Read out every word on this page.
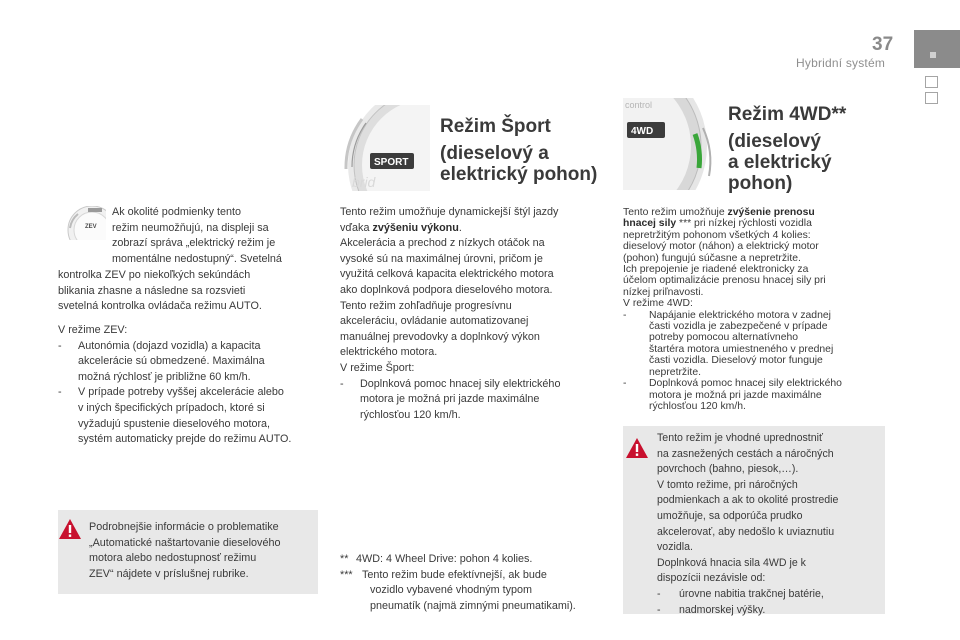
37
Hybridní systém
ZEV
brid
SPORT
control
4WD
Ak okolité podmienky tento
režim neumožňujú, na displeji sa
zobrazí správa „elektrický režim je
momentálne nedostupný“. Svetelná
kontrolka ZEV po niekoľkých sekúndách
blikania zhasne a následne sa rozsvieti
svetelná kontrolka ovládača režimu AUTO.
V režime ZEV:
-	Autonómia (dojazd vozidla) a kapacita
akcelerácie sú obmedzené. Maximálna
možná rýchlosť je približne 60 km/h.
-	V prípade potreby vyššej akcelerácie alebo
v iných špecifických prípadoch, ktoré si
vyžadujú spustenie dieselového motora,
systém automaticky prejde do režimu AUTO.
Podrobnejšie informácie o problematike
„Automatické naštartovanie dieselového
motora alebo nedostupnosť režimu
ZEV“ nájdete v príslušnej rubrike.
Režim Šport
(dieselový a
elektrický pohon)
Tento režim umožňuje dynamickejší štýl jazdy
vďaka zvýšeniu výkonu.
Akcelerácia a prechod z nízkych otáčok na
vysoké sú na maximálnej úrovni, pričom je
využitá celková kapacita elektrického motora
ako doplnková podpora dieselového motora.
Tento režim zohľadňuje progresívnu
akceleráciu, ovládanie automatizovanej
manuálnej prevodovky a doplnkový výkon
elektrického motora.
V režime Šport:
-	Doplnková pomoc hnacej sily elektrického
motora je možná pri jazde maximálne
rýchlosťou 120 km/h.
** 4WD: 4 Wheel Drive: pohon 4 kolies.
*** Tento režim bude efektívnejší, ak bude
vozidlo vybavené vhodným typom
pneumatík (najmä zimnými pneumatikami).
Režim 4WD**
(dieselový
a elektrický
pohon)
Tento režim umožňuje zvýšenie prenosu
hnacej sily *** pri nízkej rýchlosti vozidla
nepretržitým pohonom všetkých 4 kolies:
dieselový motor (náhon) a elektrický motor
(pohon) fungujú súčasne a nepretržite.
Ich prepojenie je riadené elektronicky za
účelom optimalizácie prenosu hnacej sily pri
nízkej priľnavosti.
V režime 4WD:
-	Napájanie elektrického motora v zadnej
časti vozidla je zabezpečené v prípade
potreby pomocou alternatívneho
štartéra motora umiestneného v prednej
časti vozidla. Dieselový motor funguje
nepretržite.
-	Doplnková pomoc hnacej sily elektrického
motora je možná pri jazde maximálne
rýchlosťou 120 km/h.
Tento režim je vhodné uprednostniť
na zasnežených cestách a náročných
povrchoch (bahno, piesok,…).
V tomto režime, pri náročných
podmienkach a ak to okolité prostredie
umožňuje, sa odporúča prudko
akcelerovať, aby nedošlo k uviaznutiu
vozidla.
Doplnková hnacia sila 4WD je k
dispozícii nezávisle od:
-	úrovne nabitia trakčnej batérie,
-	nadmorskej výšky.
